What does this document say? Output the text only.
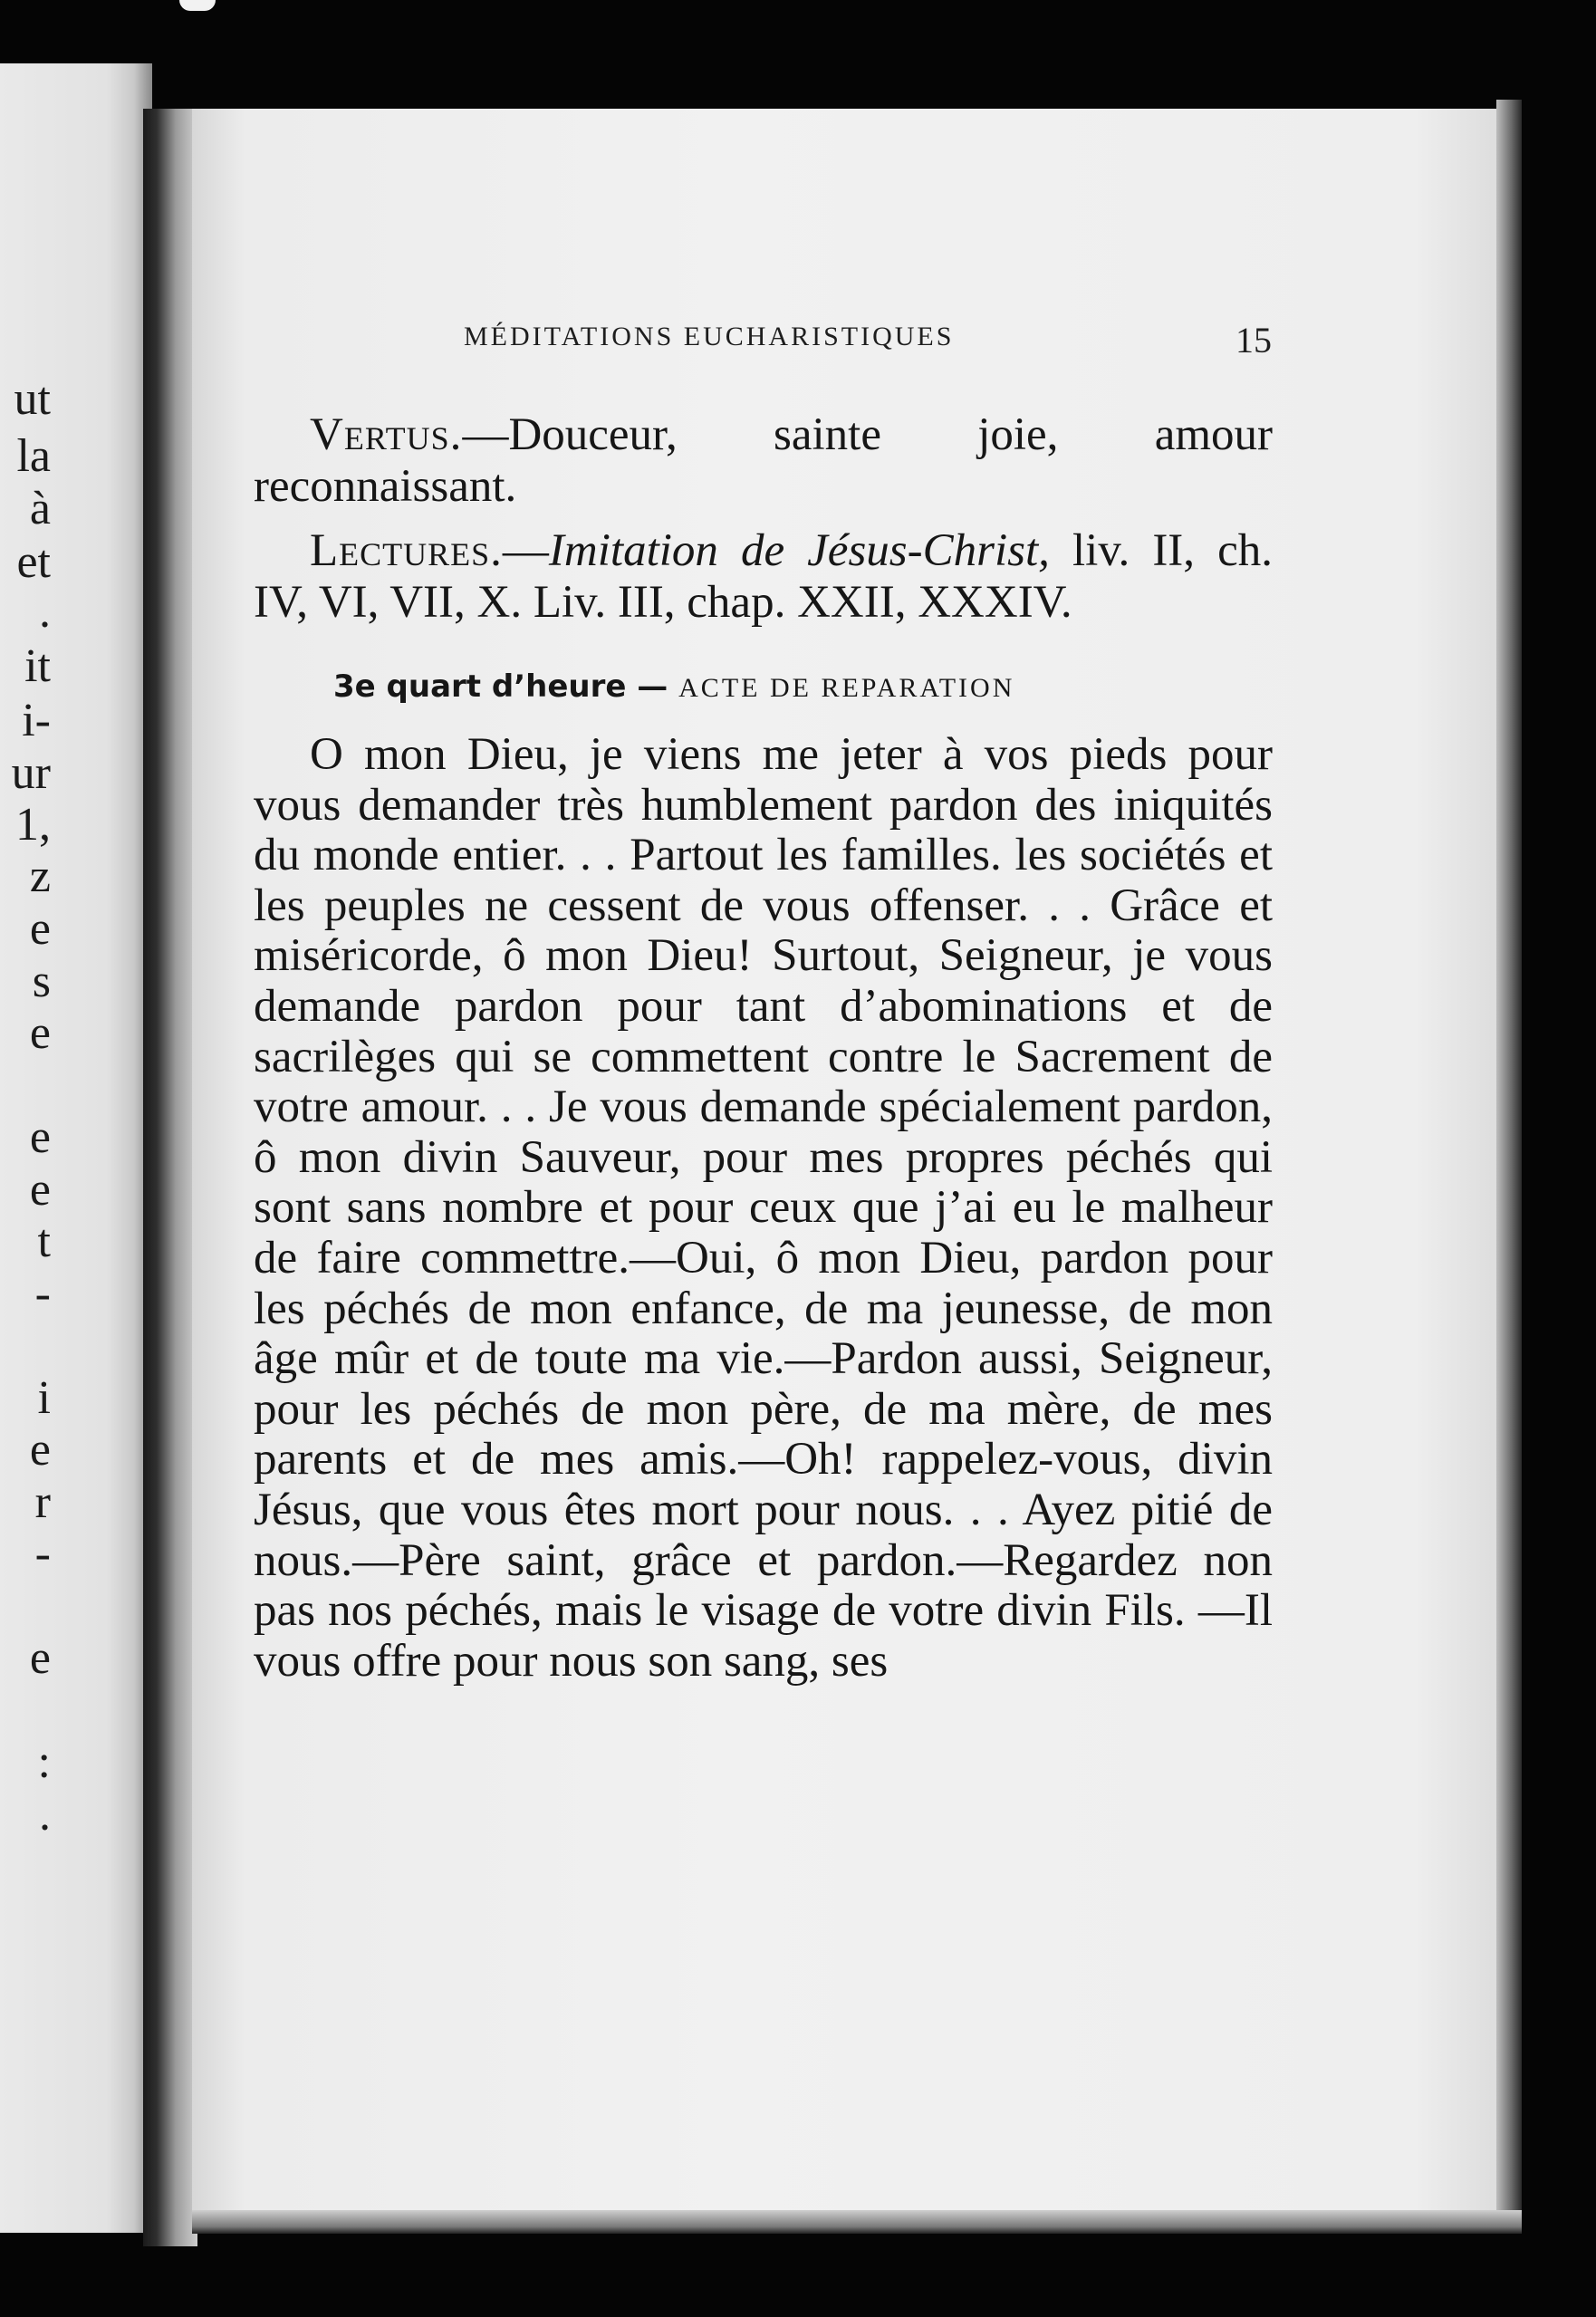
ut
la
à
et
.
it
i-
ur
1,
z
e
s
e
e
e
t
-
i
e
r
-
e
:
.
MÉDITATIONS EUCHARISTIQUES	15

Vertus.—Douceur, sainte joie, amour reconnaissant.

Lectures.—Imitation de Jésus-Christ, liv. II, ch. IV, VI, VII, X. Liv. III, chap. XXII, XXXIV.

3e quart d’heure — ACTE DE REPARATION

O mon Dieu, je viens me jeter à vos pieds pour vous demander très humblement pardon des iniquités du monde entier. . . Partout les familles. les sociétés et les peuples ne cessent de vous offenser. . . Grâce et miséricorde, ô mon Dieu! Surtout, Seigneur, je vous demande pardon pour tant d’abominations et de sacrilèges qui se commettent contre le Sacrement de votre amour. . . Je vous demande spécialement pardon, ô mon divin Sauveur, pour mes propres péchés qui sont sans nombre et pour ceux que j’ai eu le malheur de faire commettre.—Oui, ô mon Dieu, pardon pour les péchés de mon enfance, de ma jeunesse, de mon âge mûr et de toute ma vie.—Pardon aussi, Seigneur, pour les péchés de mon père, de ma mère, de mes parents et de mes amis.—Oh! rappelez-vous, divin Jésus, que vous êtes mort pour nous. . . Ayez pitié de nous.—Père saint, grâce et pardon.—Regardez non pas nos péchés, mais le visage de votre divin Fils. —Il vous offre pour nous son sang, ses
